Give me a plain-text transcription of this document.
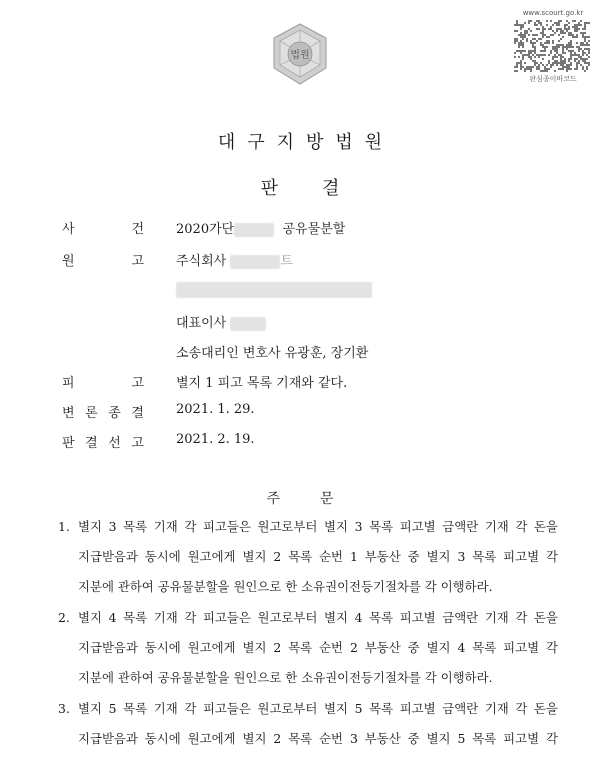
법원
www.scourt.go.kr
판심종이바코드
대구지방법원
판결
사	건 2020가단	공유물분할
원	고 주식회사	트
대표이사
소송대리인 변호사 유광훈, 장기환
피	고 별지 1 피고 목록 기재와 같다.
변 론 종 결 2021. 1. 29.
판 결 선 고 2021. 2. 19.
주문
1. 별지 3 목록 기재 각 피고들은 원고로부터 별지 3 목록 피고별 금액란 기재 각 돈을
지급받음과 동시에 원고에게 별지 2 목록 순번 1 부동산 중 별지 3 목록 피고별 각
지분에 관하여 공유물분할을 원인으로 한 소유권이전등기절차를 각 이행하라.
2. 별지 4 목록 기재 각 피고들은 원고로부터 별지 4 목록 피고별 금액란 기재 각 돈을
지급받음과 동시에 원고에게 별지 2 목록 순번 2 부동산 중 별지 4 목록 피고별 각
지분에 관하여 공유물분할을 원인으로 한 소유권이전등기절차를 각 이행하라.
3. 별지 5 목록 기재 각 피고들은 원고로부터 별지 5 목록 피고별 금액란 기재 각 돈을
지급받음과 동시에 원고에게 별지 2 목록 순번 3 부동산 중 별지 5 목록 피고별 각
